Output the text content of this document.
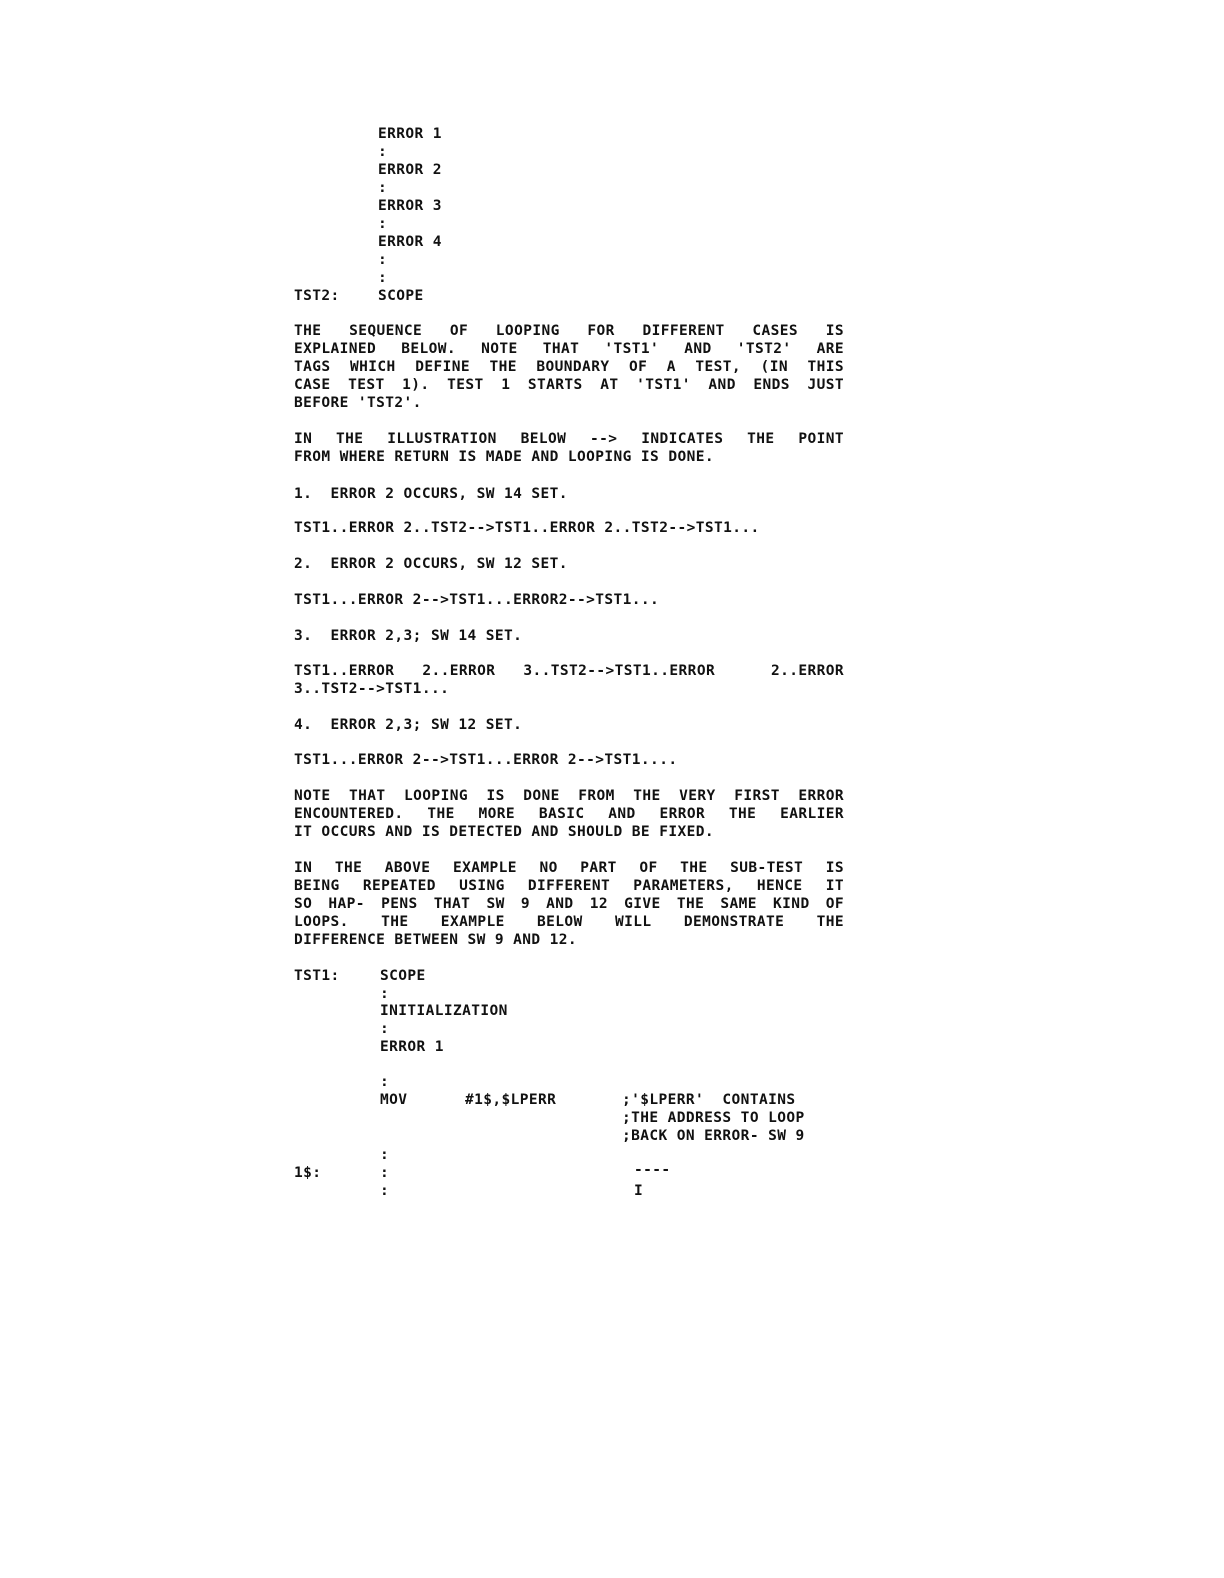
ERROR 1
:
ERROR 2
:
ERROR 3
:
ERROR 4
:
:
TST2:	SCOPE
THE SEQUENCE OF LOOPING FOR DIFFERENT CASES IS
EXPLAINED BELOW. NOTE THAT 'TST1' AND 'TST2' ARE
TAGS WHICH DEFINE THE BOUNDARY OF A TEST, (IN THIS
CASE TEST 1). TEST 1 STARTS AT 'TST1' AND ENDS JUST
BEFORE 'TST2'.
IN THE ILLUSTRATION BELOW --> INDICATES THE POINT
FROM WHERE RETURN IS MADE AND LOOPING IS DONE.
1.  ERROR 2 OCCURS, SW 14 SET.
TST1..ERROR 2..TST2-->TST1..ERROR 2..TST2-->TST1...
2.  ERROR 2 OCCURS, SW 12 SET.
TST1...ERROR 2-->TST1...ERROR2-->TST1...
3.  ERROR 2,3; SW 14 SET.
TST1..ERROR 2..ERROR 3..TST2-->TST1..ERROR  2..ERROR
3..TST2-->TST1...
4.  ERROR 2,3; SW 12 SET.
TST1...ERROR 2-->TST1...ERROR 2-->TST1....
NOTE THAT LOOPING IS DONE FROM THE VERY FIRST ERROR
ENCOUNTERED. THE MORE BASIC AND ERROR THE EARLIER
IT OCCURS AND IS DETECTED AND SHOULD BE FIXED.
IN THE ABOVE EXAMPLE NO PART OF THE SUB-TEST IS
BEING REPEATED USING DIFFERENT PARAMETERS, HENCE IT
SO HAP- PENS THAT SW 9 AND 12 GIVE THE SAME KIND OF
LOOPS. THE EXAMPLE BELOW WILL DEMONSTRATE THE
DIFFERENCE BETWEEN SW 9 AND 12.
TST1:	SCOPE
:
INITIALIZATION
:
ERROR 1
:
MOV	#1$,$LPERR	;'$LPERR'  CONTAINS
;THE ADDRESS TO LOOP
;BACK ON ERROR- SW 9
:
1$:	:	----
:	I
